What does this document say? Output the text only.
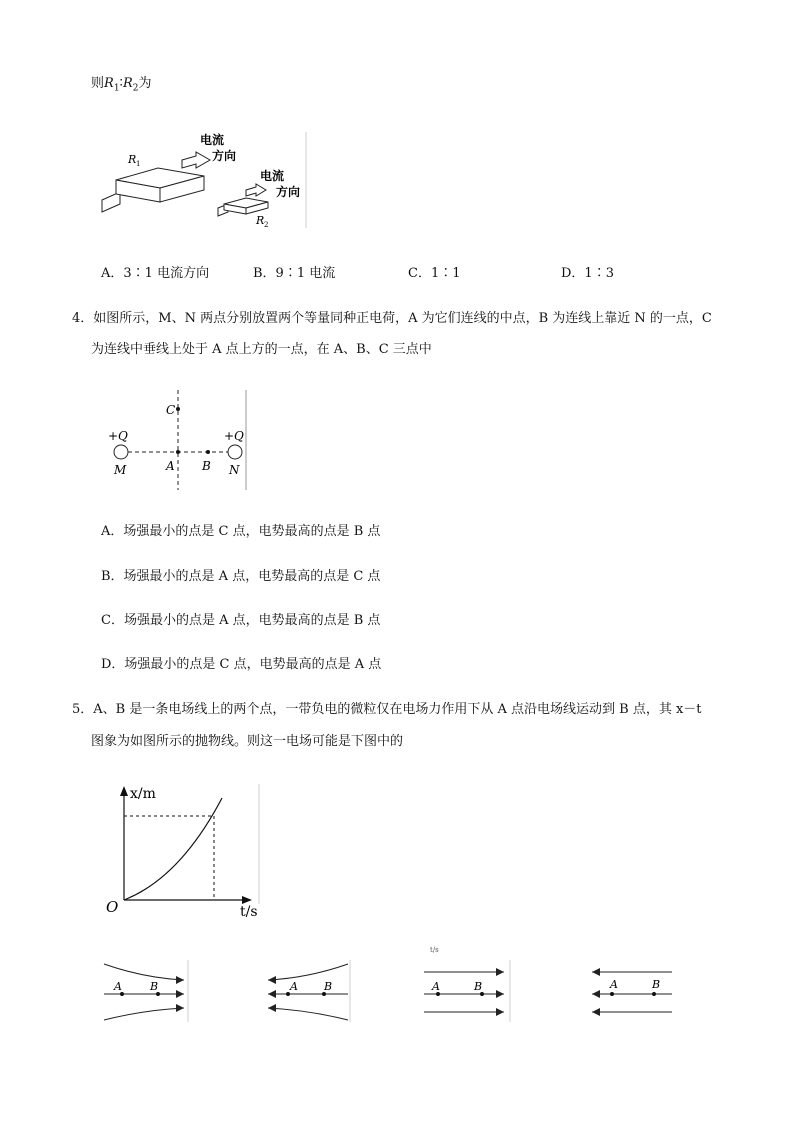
则$R_1∶R_2$为
R 1
电流
方向
R 2
电流
方向
A．3∶1 电流方向	B．9∶1 电流	C．1∶1	D．1∶3
4．如图所示，M、N 两点分别放置两个等量同种正电荷，A 为它们连线的中点，B 为连线上靠近 N 的一点，C
为连线中垂线上处于 A 点上方的一点，在 A、B、C 三点中
+Q	+Q
M	N
C
A B
A．场强最小的点是 C 点，电势最高的点是 B 点
B．场强最小的点是 A 点，电势最高的点是 C 点
C．场强最小的点是 A 点，电势最高的点是 B 点
D．场强最小的点是 C 点，电势最高的点是 A 点
5．A、B 是一条电场线上的两个点，一带负电的微粒仅在电场力作用下从 A 点沿电场线运动到 B 点，其 x－t
图象为如图所示的抛物线。则这一电场可能是下图中的
x/m
t/s
O
t/s
A	B	A B	A	B	A	B
